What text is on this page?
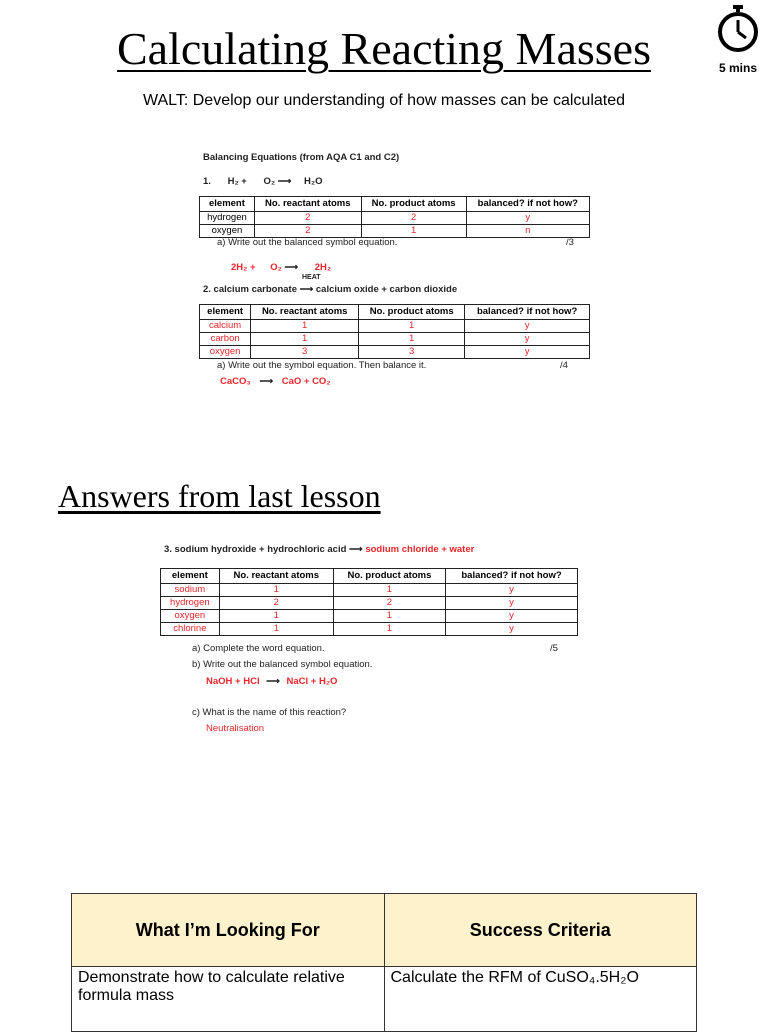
Calculating Reacting Masses	5 mins
WALT: Develop our understanding of how masses can be calculated
Balancing Equations (from AQA C1 and C2)
1. H₂ + O₂ ⟶ H₂O
element	No. reactant atoms	No. product atoms	balanced? if not how?
hydrogen	2	2	y
oxygen	2	1	n
a) Write out the balanced symbol equation.	/3
2H₂ + O₂ ⟶ 2H₂
HEAT
2. calcium carbonate ⟶ calcium oxide + carbon dioxide
element	No. reactant atoms	No. product atoms	balanced? if not how?
calcium	1	1	y
carbon	1	1	y
oxygen	3	3	y
a) Write out the symbol equation. Then balance it.	/4
CaCO₃ ⟶ CaO + CO₂
Answers from last lesson
3. sodium hydroxide + hydrochloric acid ⟶ sodium chloride + water
element	No. reactant atoms	No. product atoms	balanced? if not how?
sodium	1	1	y
hydrogen	2	2	y
oxygen	1	1	y
chlorine	1	1	y
a) Complete the word equation.	/5
b) Write out the balanced symbol equation.
NaOH + HCl ⟶ NaCl + H₂O
c) What is the name of this reaction?
Neutralisation
What I’m Looking For	Success Criteria
Demonstrate how to calculate relative formula mass	Calculate the RFM of CuSO₄.5H₂O
